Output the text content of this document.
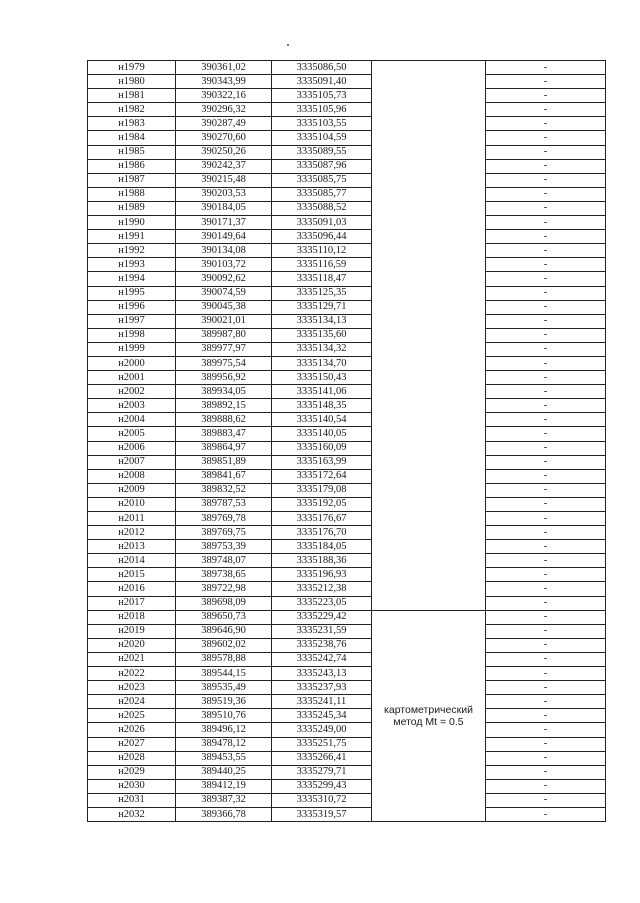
н1979	390361,02	3335086,50		-
н1980	390343,99	3335091,40		-
н1981	390322,16	3335105,73		-
н1982	390296,32	3335105,96		-
н1983	390287,49	3335103,55		-
н1984	390270,60	3335104,59		-
н1985	390250,26	3335089,55		-
н1986	390242,37	3335087,96		-
н1987	390215,48	3335085,75		-
н1988	390203,53	3335085,77		-
н1989	390184,05	3335088,52		-
н1990	390171,37	3335091,03		-
н1991	390149,64	3335096,44		-
н1992	390134,08	3335110,12		-
н1993	390103,72	3335116,59		-
н1994	390092,62	3335118,47		-
н1995	390074,59	3335125,35		-
н1996	390045,38	3335129,71		-
н1997	390021,01	3335134,13		-
н1998	389987,80	3335135,60		-
н1999	389977,97	3335134,32		-
н2000	389975,54	3335134,70		-
н2001	389956,92	3335150,43		-
н2002	389934,05	3335141,06		-
н2003	389892,15	3335148,35		-
н2004	389888,62	3335140,54		-
н2005	389883,47	3335140,05		-
н2006	389864,97	3335160,09		-
н2007	389851,89	3335163,99		-
н2008	389841,67	3335172,64		-
н2009	389832,52	3335179,08		-
н2010	389787,53	3335192,05		-
н2011	389769,78	3335176,67		-
н2012	389769,75	3335176,70		-
н2013	389753,39	3335184,05		-
н2014	389748,07	3335188,36		-
н2015	389738,65	3335196,93		-
н2016	389722,98	3335212,38		-
н2017	389698,09	3335223,05		-
н2018	389650,73	3335229,42	картометрический
метод Mt = 0.5	-
н2019	389646,90	3335231,59		-
н2020	389602,02	3335238,76		-
н2021	389578,88	3335242,74		-
н2022	389544,15	3335243,13		-
н2023	389535,49	3335237,93		-
н2024	389519,36	3335241,11		-
н2025	389510,76	3335245,34		-
н2026	389496,12	3335249,00		-
н2027	389478,12	3335251,75		-
н2028	389453,55	3335266,41		-
н2029	389440,25	3335279,71		-
н2030	389412,19	3335299,43		-
н2031	389387,32	3335310,72		-
н2032	389366,78	3335319,57		-
